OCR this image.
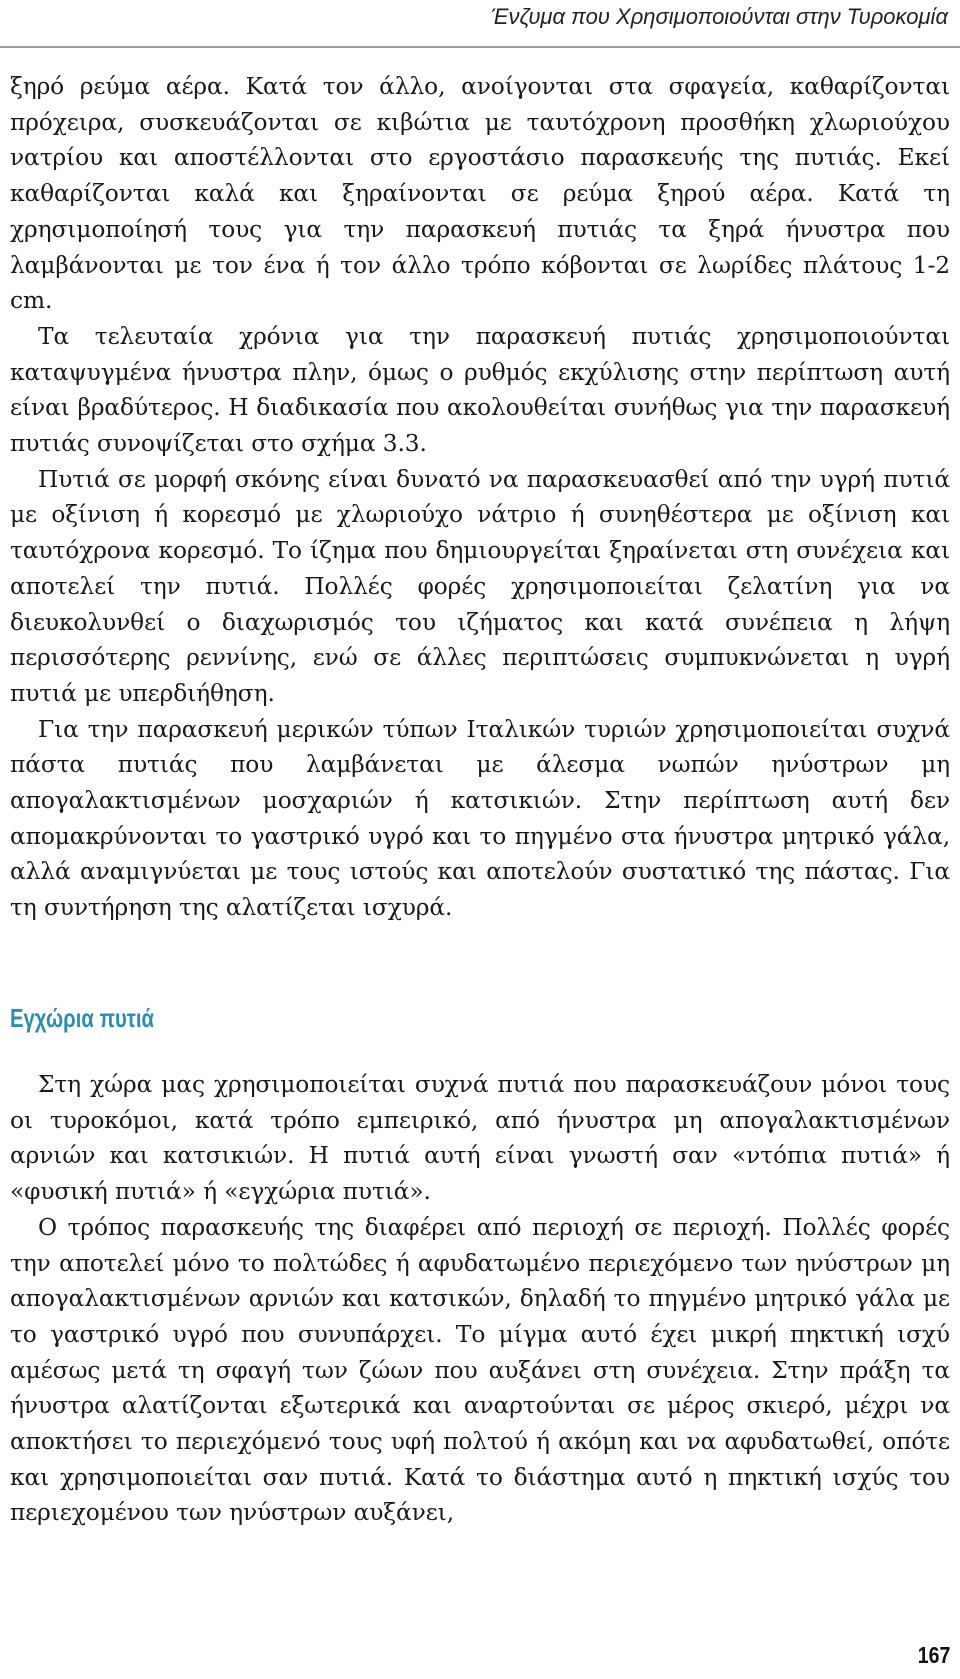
Ένζυμα που Χρησιμοποιούνται στην Τυροκομία

ξηρό ρεύμα αέρα. Κατά τον άλλο, ανοίγονται στα σφαγεία, καθαρίζονται πρόχειρα, συσκευάζονται σε κιβώτια με ταυτόχρονη προσθήκη χλωριούχου νατρίου και αποστέλλονται στο εργοστάσιο παρασκευής της πυτιάς. Εκεί καθαρίζονται καλά και ξηραίνονται σε ρεύμα ξηρού αέρα. Κατά τη χρησιμοποίησή τους για την παρασκευή πυτιάς τα ξηρά ήνυστρα που λαμβάνονται με τον ένα ή τον άλλο τρόπο κόβονται σε λωρίδες πλάτους 1-2 cm.

Τα τελευταία χρόνια για την παρασκευή πυτιάς χρησιμοποιούνται καταψυγμένα ήνυστρα πλην, όμως ο ρυθμός εκχύλισης στην περίπτωση αυτή είναι βραδύτερος. Η διαδικασία που ακολουθείται συνήθως για την παρασκευή πυτιάς συνοψίζεται στο σχήμα 3.3.

Πυτιά σε μορφή σκόνης είναι δυνατό να παρασκευασθεί από την υγρή πυτιά με οξίνιση ή κορεσμό με χλωριούχο νάτριο ή συνηθέστερα με οξίνιση και ταυτόχρονα κορεσμό. Το ίζημα που δημιουργείται ξηραίνεται στη συνέχεια και αποτελεί την πυτιά. Πολλές φορές χρησιμοποιείται ζελατίνη για να διευκολυνθεί ο διαχωρισμός του ιζήματος και κατά συνέπεια η λήψη περισσότερης ρεννίνης, ενώ σε άλλες περιπτώσεις συμπυκνώνεται η υγρή πυτιά με υπερδιήθηση.

Για την παρασκευή μερικών τύπων Ιταλικών τυριών χρησιμοποιείται συχνά πάστα πυτιάς που λαμβάνεται με άλεσμα νωπών ηνύστρων μη απογαλακτισμένων μοσχαριών ή κατσικιών. Στην περίπτωση αυτή δεν απομακρύνονται το γαστρικό υγρό και το πηγμένο στα ήνυστρα μητρικό γάλα, αλλά αναμιγνύεται με τους ιστούς και αποτελούν συστατικό της πάστας. Για τη συντήρηση της αλατίζεται ισχυρά.

Εγχώρια πυτιά

Στη χώρα μας χρησιμοποιείται συχνά πυτιά που παρασκευάζουν μόνοι τους οι τυροκόμοι, κατά τρόπο εμπειρικό, από ήνυστρα μη απογαλακτισμένων αρνιών και κατσικιών. Η πυτιά αυτή είναι γνωστή σαν «ντόπια πυτιά» ή «φυσική πυτιά» ή «εγχώρια πυτιά».

Ο τρόπος παρασκευής της διαφέρει από περιοχή σε περιοχή. Πολλές φορές την αποτελεί μόνο το πολτώδες ή αφυδατωμένο περιεχόμενο των ηνύστρων μη απογαλακτισμένων αρνιών και κατσικών, δηλαδή το πηγμένο μητρικό γάλα με το γαστρικό υγρό που συνυπάρχει. Το μίγμα αυτό έχει μικρή πηκτική ισχύ αμέσως μετά τη σφαγή των ζώων που αυξάνει στη συνέχεια. Στην πράξη τα ήνυστρα αλατίζονται εξωτερικά και αναρτούνται σε μέρος σκιερό, μέχρι να αποκτήσει το περιεχόμενό τους υφή πολτού ή ακόμη και να αφυδατωθεί, οπότε και χρησιμοποιείται σαν πυτιά. Κατά το διάστημα αυτό η πηκτική ισχύς του περιεχομένου των ηνύστρων αυξάνει,

167
